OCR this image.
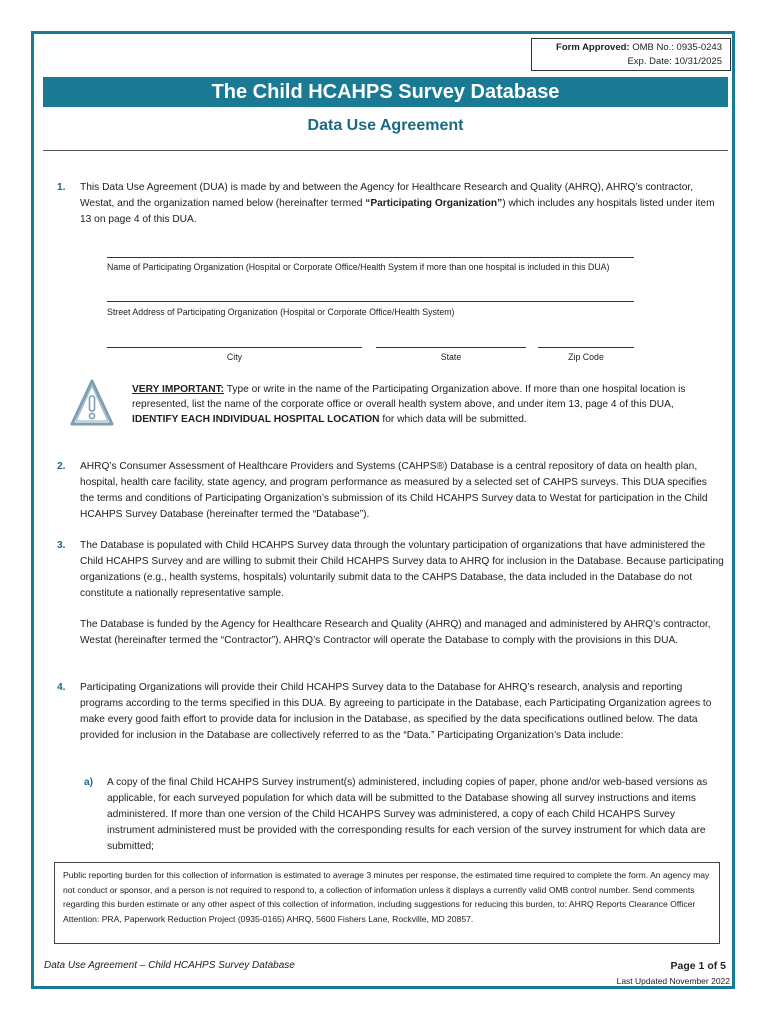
Form Approved: OMB No.: 0935-0243
Exp. Date: 10/31/2025
The Child HCAHPS Survey Database
Data Use Agreement
1. This Data Use Agreement (DUA) is made by and between the Agency for Healthcare Research and Quality (AHRQ), AHRQ’s contractor, Westat, and the organization named below (hereinafter termed “Participating Organization”) which includes any hospitals listed under item 13 on page 4 of this DUA.
Name of Participating Organization (Hospital or Corporate Office/Health System if more than one hospital is included in this DUA)
Street Address of Participating Organization (Hospital or Corporate Office/Health System)
City	State	Zip Code
VERY IMPORTANT: Type or write in the name of the Participating Organization above. If more than one hospital location is represented, list the name of the corporate office or overall health system above, and under item 13, page 4 of this DUA, IDENTIFY EACH INDIVIDUAL HOSPITAL LOCATION for which data will be submitted.
2. AHRQ’s Consumer Assessment of Healthcare Providers and Systems (CAHPS®) Database is a central repository of data on health plan, hospital, health care facility, state agency, and program performance as measured by a selected set of CAHPS surveys. This DUA specifies the terms and conditions of Participating Organization’s submission of its Child HCAHPS Survey data to Westat for participation in the Child HCAHPS Survey Database (hereinafter termed the “Database”).
3. The Database is populated with Child HCAHPS Survey data through the voluntary participation of organizations that have administered the Child HCAHPS Survey and are willing to submit their Child HCAHPS Survey data to AHRQ for inclusion in the Database. Because participating organizations (e.g., health systems, hospitals) voluntarily submit data to the CAHPS Database, the data included in the Database do not constitute a nationally representative sample.
The Database is funded by the Agency for Healthcare Research and Quality (AHRQ) and managed and administered by AHRQ’s contractor, Westat (hereinafter termed the “Contractor”). AHRQ’s Contractor will operate the Database to comply with the provisions in this DUA.
4. Participating Organizations will provide their Child HCAHPS Survey data to the Database for AHRQ’s research, analysis and reporting programs according to the terms specified in this DUA. By agreeing to participate in the Database, each Participating Organization agrees to make every good faith effort to provide data for inclusion in the Database, as specified by the data specifications outlined below. The data provided for inclusion in the Database are collectively referred to as the “Data.” Participating Organization’s Data include:
a) A copy of the final Child HCAHPS Survey instrument(s) administered, including copies of paper, phone and/or web-based versions as applicable, for each surveyed population for which data will be submitted to the Database showing all survey instructions and items administered. If more than one version of the Child HCAHPS Survey was administered, a copy of each Child HCAHPS Survey instrument administered must be provided with the corresponding results for each version of the survey instrument for which data are submitted;
Public reporting burden for this collection of information is estimated to average 3 minutes per response, the estimated time required to complete the form. An agency may not conduct or sponsor, and a person is not required to respond to, a collection of information unless it displays a currently valid OMB control number. Send comments regarding this burden estimate or any other aspect of this collection of information, including suggestions for reducing this burden, to: AHRQ Reports Clearance Officer Attention: PRA, Paperwork Reduction Project (0935-0165) AHRQ, 5600 Fishers Lane, Rockville, MD 20857.
Data Use Agreement – Child HCAHPS Survey Database	Page 1 of 5
Last Updated November 2022
